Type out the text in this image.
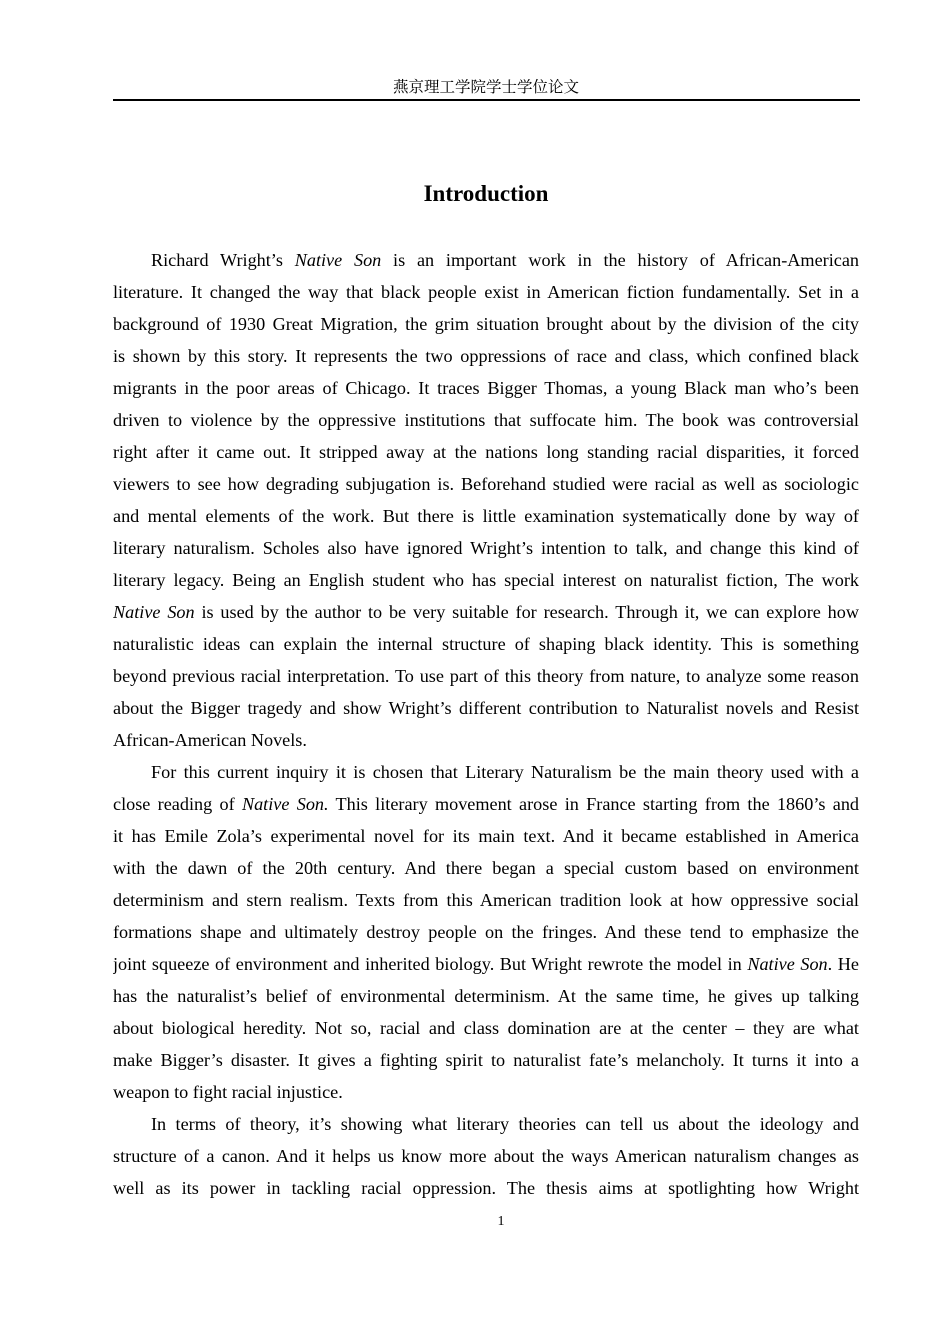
燕京理工学院学士学位论文
Introduction
Richard Wright’s Native Son is an important work in the history of African-American
literature. It changed the way that black people exist in American fiction fundamentally. Set in a
background of 1930 Great Migration, the grim situation brought about by the division of the city
is shown by this story. It represents the two oppressions of race and class, which confined black
migrants in the poor areas of Chicago. It traces Bigger Thomas, a young Black man who’s been
driven to violence by the oppressive institutions that suffocate him. The book was controversial
right after it came out. It stripped away at the nations long standing racial disparities, it forced
viewers to see how degrading subjugation is. Beforehand studied were racial as well as sociologic
and mental elements of the work. But there is little examination systematically done by way of
literary naturalism. Scholes also have ignored Wright’s intention to talk, and change this kind of
literary legacy. Being an English student who has special interest on naturalist fiction, The work
Native Son is used by the author to be very suitable for research. Through it, we can explore how
naturalistic ideas can explain the internal structure of shaping black identity. This is something
beyond previous racial interpretation. To use part of this theory from nature, to analyze some reason
about the Bigger tragedy and show Wright’s different contribution to Naturalist novels and Resist
African-American Novels.
For this current inquiry it is chosen that Literary Naturalism be the main theory used with a
close reading of Native Son. This literary movement arose in France starting from the 1860’s and
it has Emile Zola’s experimental novel for its main text. And it became established in America
with the dawn of the 20th century. And there began a special custom based on environment
determinism and stern realism. Texts from this American tradition look at how oppressive social
formations shape and ultimately destroy people on the fringes. And these tend to emphasize the
joint squeeze of environment and inherited biology. But Wright rewrote the model in Native Son. He
has the naturalist’s belief of environmental determinism. At the same time, he gives up talking
about biological heredity. Not so, racial and class domination are at the center – they are what
make Bigger’s disaster. It gives a fighting spirit to naturalist fate’s melancholy. It turns it into a
weapon to fight racial injustice.
In terms of theory, it’s showing what literary theories can tell us about the ideology and
structure of a canon. And it helps us know more about the ways American naturalism changes as
well as its power in tackling racial oppression. The thesis aims at spotlighting how Wright
1
